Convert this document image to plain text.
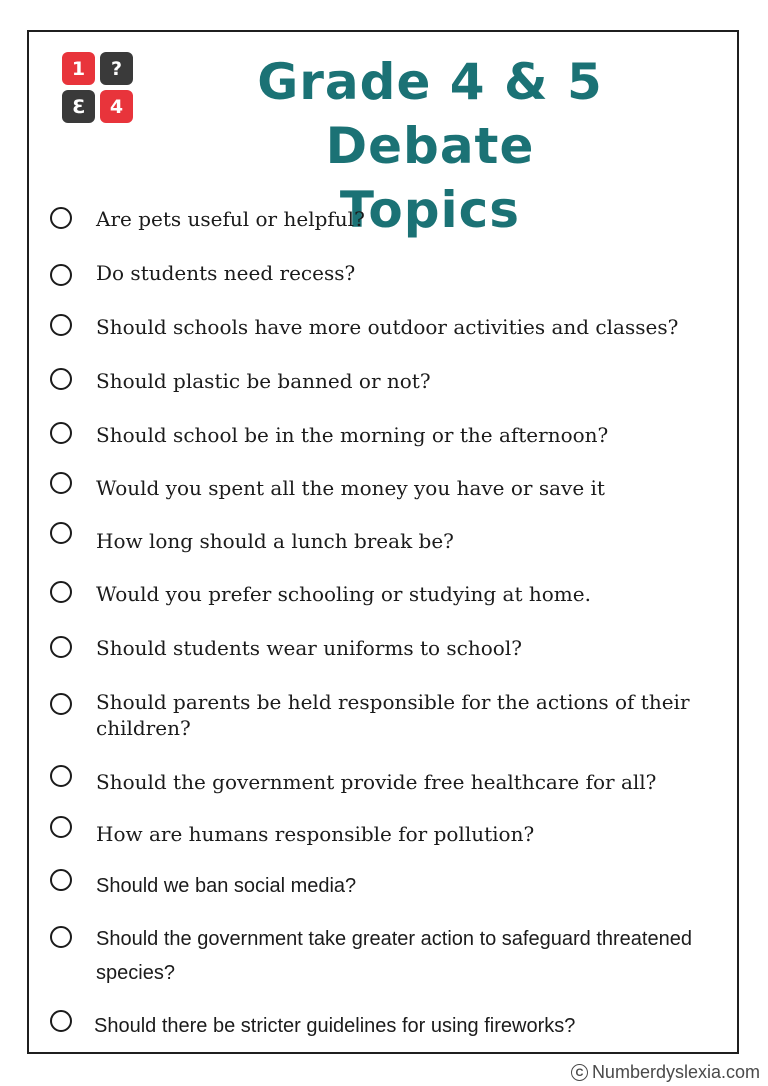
1	?
3	4	Grade 4 & 5 Debate
Topics
Are pets useful or helpful?
Do students need recess?
Should schools have more outdoor activities and classes?
Should plastic be banned or not?
Should school be in the morning or the afternoon?
Would you spent all the money you have or save it
How long should a lunch break be?
Would you prefer schooling or studying at home.
Should students wear uniforms to school?
Should parents be held responsible for the actions of their children?
Should the government provide free healthcare for all?
How are humans responsible for pollution?
Should we ban social media?
Should the government take greater action to safeguard threatened species?
Should there be stricter guidelines for using fireworks?
C Numberdyslexia.com
